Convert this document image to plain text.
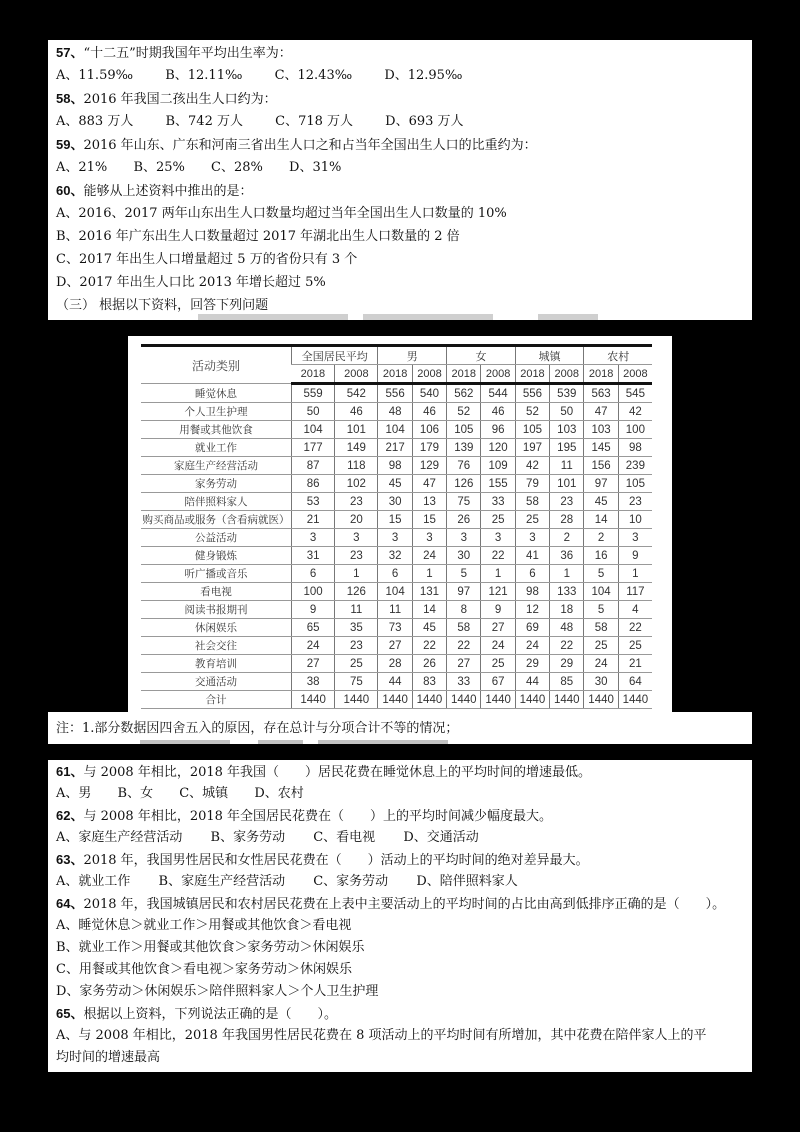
57、“十二五”时期我国年平均出生率为：
A、11.59‰ B、12.11‰ C、12.43‰ D、12.95‰
58、2016 年我国二孩出生人口约为：
A、883 万人 B、742 万人 C、718 万人 D、693 万人
59、2016 年山东、广东和河南三省出生人口之和占当年全国出生人口的比重约为：
A、21% B、25% C、28% D、31%
60、能够从上述资料中推出的是：
A、2016、2017 两年山东出生人口数量均超过当年全国出生人口数量的 10%
B、2016 年广东出生人口数量超过 2017 年湖北出生人口数量的 2 倍
C、2017 年出生人口增量超过 5 万的省份只有 3 个
D、2017 年出生人口比 2013 年增长超过 5%
（三） 根据以下资料，回答下列问题
活动类别	全国居民平均		男		女		城镇		农村	
	2018	2008	2018	2008	2018	2008	2018	2008	2018	2008
睡觉休息	559	542	556	540	562	544	556	539	563	545
个人卫生护理	50	46	48	46	52	46	52	50	47	42
用餐或其他饮食	104	101	104	106	105	96	105	103	103	100
就业工作	177	149	217	179	139	120	197	195	145	98
家庭生产经营活动	87	118	98	129	76	109	42	11	156	239
家务劳动	86	102	45	47	126	155	79	101	97	105
陪伴照料家人	53	23	30	13	75	33	58	23	45	23
购买商品或服务（含看病就医）	21	20	15	15	26	25	25	28	14	10
公益活动	3	3	3	3	3	3	3	2	2	3
健身锻炼	31	23	32	24	30	22	41	36	16	9
听广播或音乐	6	1	6	1	5	1	6	1	5	1
看电视	100	126	104	131	97	121	98	133	104	117
阅读书报期刊	9	11	11	14	8	9	12	18	5	4
休闲娱乐	65	35	73	45	58	27	69	48	58	22
社会交往	24	23	27	22	22	24	24	22	25	25
教育培训	27	25	28	26	27	25	29	29	24	21
交通活动	38	75	44	83	33	67	44	85	30	64
合计	1440	1440	1440	1440	1440	1440	1440	1440	1440	1440
注：1.部分数据因四舍五入的原因，存在总计与分项合计不等的情况；
61、与 2008 年相比，2018 年我国（　　）居民花费在睡觉休息上的平均时间的增速最低。
A、男 B、女 C、城镇 D、农村
62、与 2008 年相比，2018 年全国居民花费在（　　）上的平均时间减少幅度最大。
A、家庭生产经营活动 B、家务劳动 C、看电视 D、交通活动
63、2018 年，我国男性居民和女性居民花费在（　　）活动上的平均时间的绝对差异最大。
A、就业工作 B、家庭生产经营活动 C、家务劳动 D、陪伴照料家人
64、2018 年，我国城镇居民和农村居民花费在上表中主要活动上的平均时间的占比由高到低排序正确的是（　　）。
A、睡觉休息＞就业工作＞用餐或其他饮食＞看电视
B、就业工作＞用餐或其他饮食＞家务劳动＞休闲娱乐
C、用餐或其他饮食＞看电视＞家务劳动＞休闲娱乐
D、家务劳动＞休闲娱乐＞陪伴照料家人＞个人卫生护理
65、根据以上资料，下列说法正确的是（　　）。
A、与 2008 年相比，2018 年我国男性居民花费在 8 项活动上的平均时间有所增加，其中花费在陪伴家人上的平
均时间的增速最高
